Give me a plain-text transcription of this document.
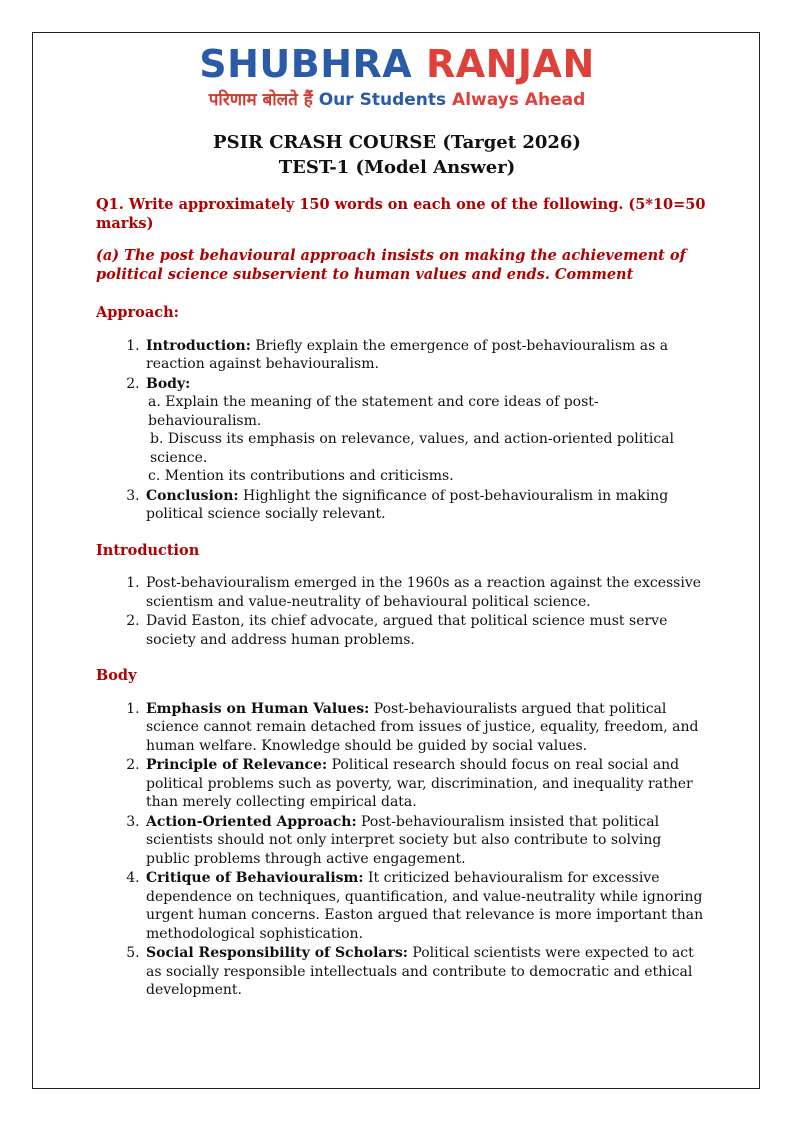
SHUBHRA RANJAN
परिणाम बोलते हैं Our Students Always Ahead
PSIR CRASH COURSE (Target 2026)
TEST-1 (Model Answer)
Q1. Write approximately 150 words on each one of the following. (5*10=50 marks)
(a) The post behavioural approach insists on making the achievement of political science subservient to human values and ends. Comment
Approach:
1. Introduction: Briefly explain the emergence of post-behaviouralism as a reaction against behaviouralism.
2. Body:
a. Explain the meaning of the statement and core ideas of post-behaviouralism.
b. Discuss its emphasis on relevance, values, and action-oriented political science.
c. Mention its contributions and criticisms.
3. Conclusion: Highlight the significance of post-behaviouralism in making political science socially relevant.
Introduction
1. Post-behaviouralism emerged in the 1960s as a reaction against the excessive scientism and value-neutrality of behavioural political science.
2. David Easton, its chief advocate, argued that political science must serve society and address human problems.
Body
1. Emphasis on Human Values: Post-behaviouralists argued that political science cannot remain detached from issues of justice, equality, freedom, and human welfare. Knowledge should be guided by social values.
2. Principle of Relevance: Political research should focus on real social and political problems such as poverty, war, discrimination, and inequality rather than merely collecting empirical data.
3. Action-Oriented Approach: Post-behaviouralism insisted that political scientists should not only interpret society but also contribute to solving public problems through active engagement.
4. Critique of Behaviouralism: It criticized behaviouralism for excessive dependence on techniques, quantification, and value-neutrality while ignoring urgent human concerns. Easton argued that relevance is more important than methodological sophistication.
5. Social Responsibility of Scholars: Political scientists were expected to act as socially responsible intellectuals and contribute to democratic and ethical development.
